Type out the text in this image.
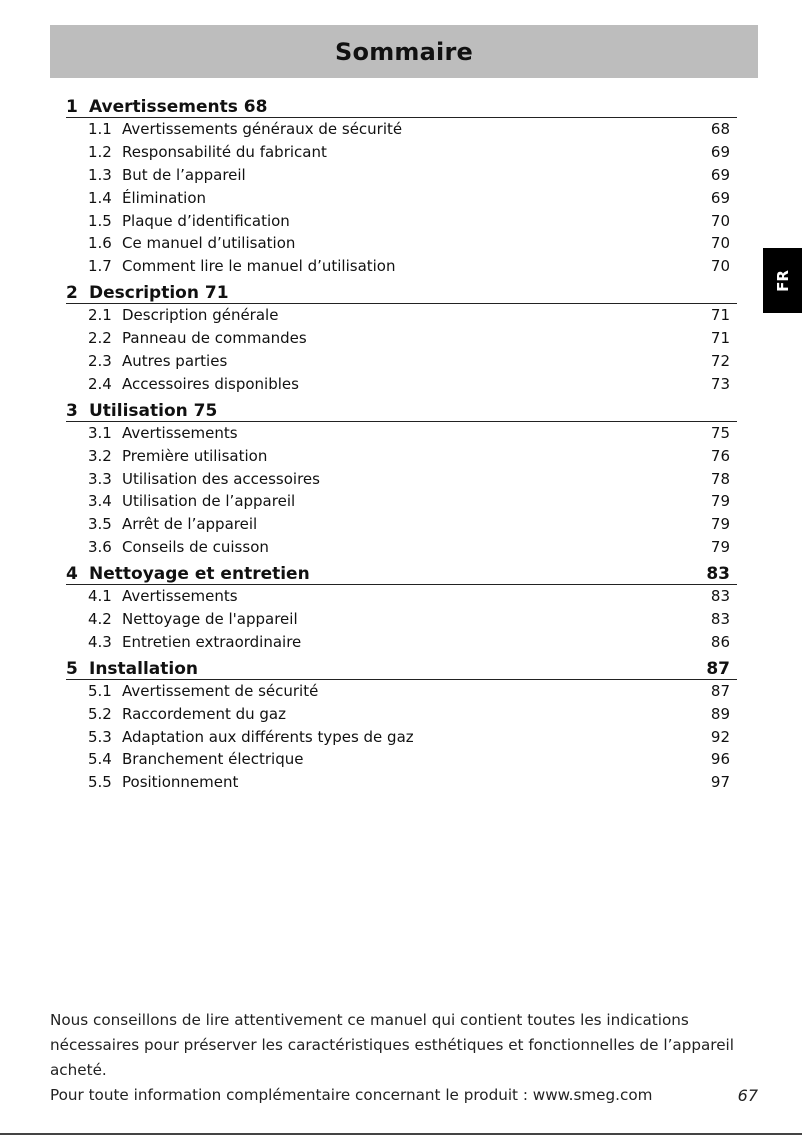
Sommaire
FR
1 Avertissements 68
1.1 Avertissements généraux de sécurité	68
1.2 Responsabilité du fabricant	69
1.3 But de l’appareil	69
1.4 Élimination	69
1.5 Plaque d’identification	70
1.6 Ce manuel d’utilisation	70
1.7 Comment lire le manuel d’utilisation	70
2 Description 71
2.1 Description générale	71
2.2 Panneau de commandes	71
2.3 Autres parties	72
2.4 Accessoires disponibles	73
3 Utilisation 75
3.1 Avertissements	75
3.2 Première utilisation	76
3.3 Utilisation des accessoires	78
3.4 Utilisation de l’appareil	79
3.5 Arrêt de l’appareil	79
3.6 Conseils de cuisson	79
4 Nettoyage et entretien	83
4.1 Avertissements	83
4.2 Nettoyage de l'appareil	83
4.3 Entretien extraordinaire	86
5 Installation	87
5.1 Avertissement de sécurité	87
5.2 Raccordement du gaz	89
5.3 Adaptation aux différents types de gaz	92
5.4 Branchement électrique	96
5.5 Positionnement	97

Nous conseillons de lire attentivement ce manuel qui contient toutes les indications nécessaires pour préserver les caractéristiques esthétiques et fonctionnelles de l’appareil acheté.

Pour toute information complémentaire concernant le produit : www.smeg.com	67
